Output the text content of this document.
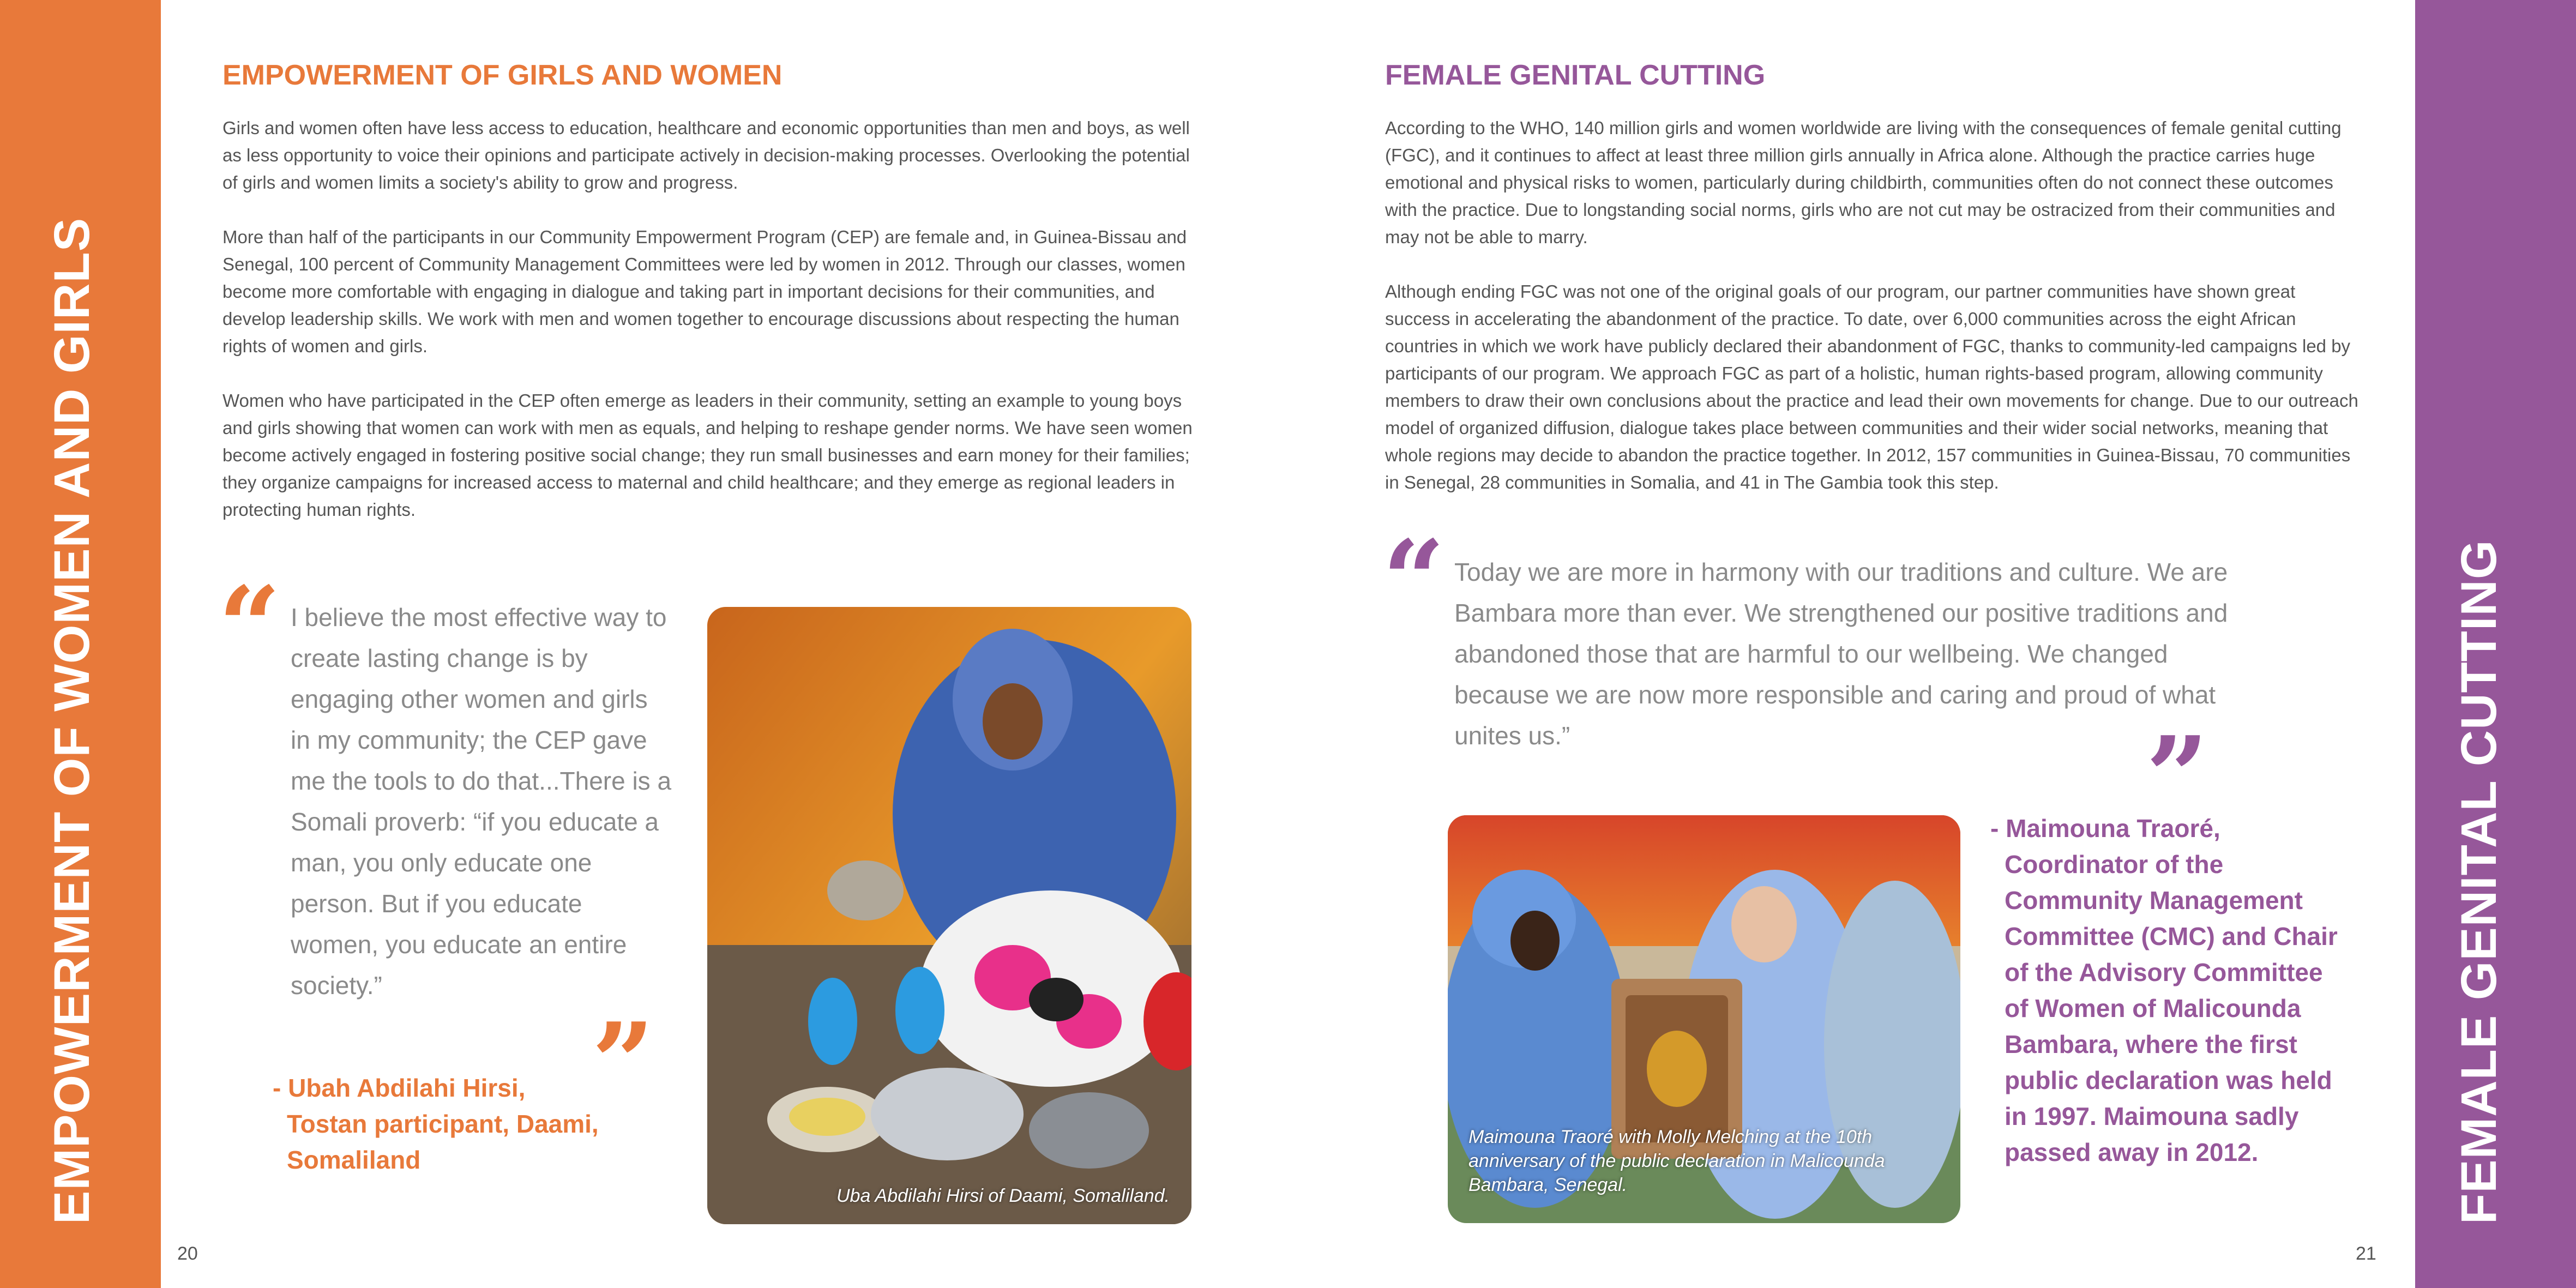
EMPOWERMENT OF WOMEN AND GIRLS	FEMALE GENITAL CUTTING
EMPOWERMENT OF GIRLS AND WOMEN

Girls and women often have less access to education, healthcare and economic opportunities than men and boys, as well as less opportunity to voice their opinions and participate actively in decision-making processes. Overlooking the potential of girls and women limits a society's ability to grow and progress.

More than half of the participants in our Community Empowerment Program (CEP) are female and, in Guinea-Bissau and Senegal, 100 percent of Community Management Committees were led by women in 2012. Through our classes, women become more comfortable with engaging in dialogue and taking part in important decisions for their communities, and develop leadership skills. We work with men and women together to encourage discussions about respecting the human rights of women and girls.

Women who have participated in the CEP often emerge as leaders in their community, setting an example to young boys and girls showing that women can work with men as equals, and helping to reshape gender norms. We have seen women become actively engaged in fostering positive social change; they run small businesses and earn money for their families; they organize campaigns for increased access to maternal and child healthcare; and they emerge as regional leaders in protecting human rights.

“ I believe the most effective way to create lasting change is by engaging other women and girls in my community; the CEP gave me the tools to do that...There is a Somali proverb: “if you educate a man, you only educate one person. But if you educate women, you educate an entire society.”
”
- Ubah Abdilahi Hirsi,
Tostan participant, Daami,
Somaliland
Uba Abdilahi Hirsi of Daami, Somaliland.
20
FEMALE GENITAL CUTTING

According to the WHO, 140 million girls and women worldwide are living with the consequences of female genital cutting (FGC), and it continues to affect at least three million girls annually in Africa alone. Although the practice carries huge emotional and physical risks to women, particularly during childbirth, communities often do not connect these outcomes with the practice. Due to longstanding social norms, girls who are not cut may be ostracized from their communities and may not be able to marry.

Although ending FGC was not one of the original goals of our program, our partner communities have shown great success in accelerating the abandonment of the practice. To date, over 6,000 communities across the eight African countries in which we work have publicly declared their abandonment of FGC, thanks to community-led campaigns led by participants of our program. We approach FGC as part of a holistic, human rights-based program, allowing community members to draw their own conclusions about the practice and lead their own movements for change. Due to our outreach model of organized diffusion, dialogue takes place between communities and their wider social networks, meaning that whole regions may decide to abandon the practice together. In 2012, 157 communities in Guinea-Bissau, 70 communities in Senegal, 28 communities in Somalia, and 41 in The Gambia took this step.

“ Today we are more in harmony with our traditions and culture. We are Bambara more than ever. We strengthened our positive traditions and abandoned those that are harmful to our wellbeing. We changed because we are now more responsible and caring and proud of what unites us.”	”
Maimouna Traoré with Molly Melching at the 10th anniversary of the public declaration in Malicounda Bambara, Senegal.
- Maimouna Traoré,
Coordinator of the
Community Management
Committee (CMC) and Chair
of the Advisory Committee
of Women of Malicounda
Bambara, where the first
public declaration was held
in 1997. Maimouna sadly
passed away in 2012.
21
